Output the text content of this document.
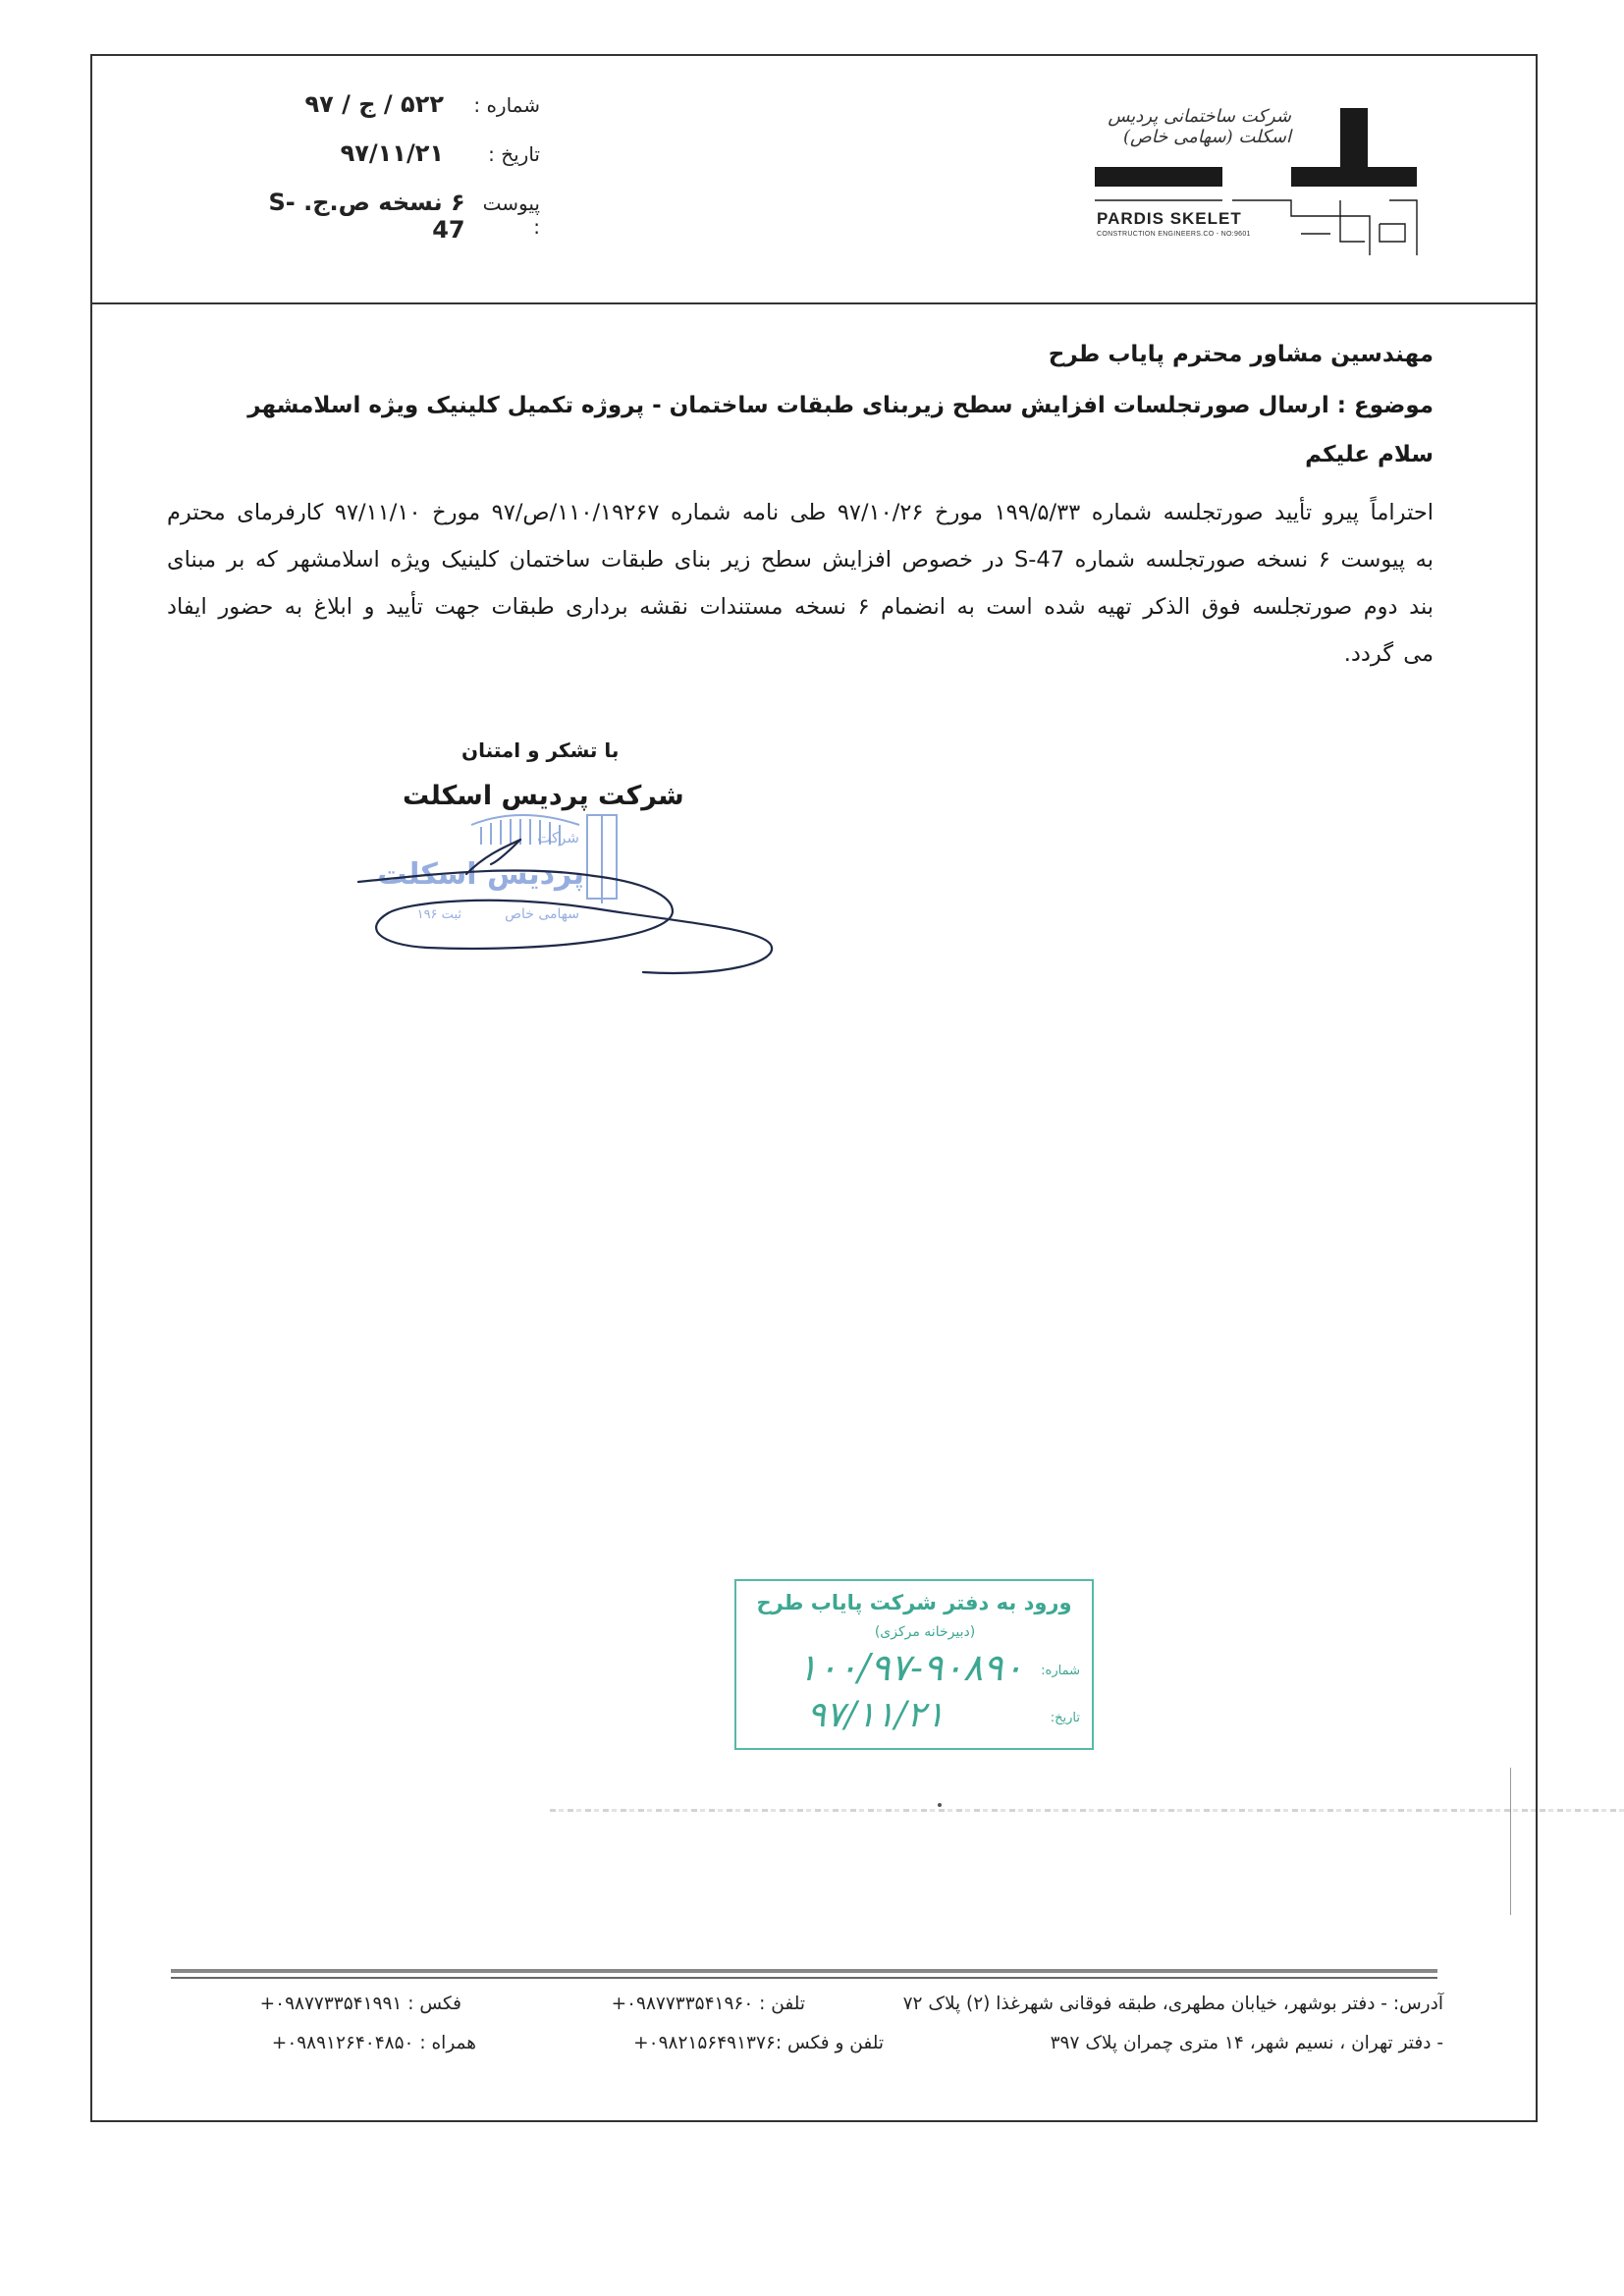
شماره :
۵۲۲ / ج / ۹۷
تاریخ :
۹۷/۱۱/۲۱
پیوست :
۶ نسخه ص.ج. S-47
شرکت ساختمانی پردیس اسکلت (سهامی خاص)
PARDIS SKELET
CONSTRUCTION ENGINEERS.CO - NO:9601
مهندسین مشاور محترم پایاب طرح
موضوع : ارسال صورتجلسات افزایش سطح زیربنای طبقات ساختمان - پروژه تکمیل کلینیک ویژه اسلامشهر
سلام علیکم
احتراماً پیرو تأیید صورتجلسه شماره ۱۹۹/۵/۳۳ مورخ ۹۷/۱۰/۲۶ طی نامه شماره ۱۱۰/۱۹۲۶۷/ص/۹۷ مورخ ۹۷/۱۱/۱۰ کارفرمای محترم به پیوست ۶ نسخه صورتجلسه شماره S-47 در خصوص افزایش سطح زیر بنای طبقات ساختمان کلینیک ویژه اسلامشهر که بر مبنای بند دوم صورتجلسه فوق الذکر تهیه شده است به انضمام ۶ نسخه مستندات نقشه برداری طبقات جهت تأیید و ابلاغ به حضور ایفاد می گردد.
شرکت
پردیس اسکلت
سهامی خاص
ثبت ۱۹۶
با تشکر و امتنان
شرکت پردیس اسکلت
ورود به دفتر شرکت پایاب طرح
(دبیرخانه مرکزی)
شماره:
۱۰۰/۹۷-۹۰۸۹۰
تاریخ:
۹۷/۱۱/۲۱
آدرس: - دفتر بوشهر، خیابان مطهری، طبقه فوقانی شهرغذا (۲) پلاک ۷۲
تلفن : ۰۹۸۷۷۳۳۵۴۱۹۶۰+
فکس : ۰۹۸۷۷۳۳۵۴۱۹۹۱+
- دفتر تهران ، نسیم شهر، ۱۴ متری چمران پلاک ۳۹۷
تلفن و فکس :۰۹۸۲۱۵۶۴۹۱۳۷۶+
همراه : ۰۹۸۹۱۲۶۴۰۴۸۵۰+
